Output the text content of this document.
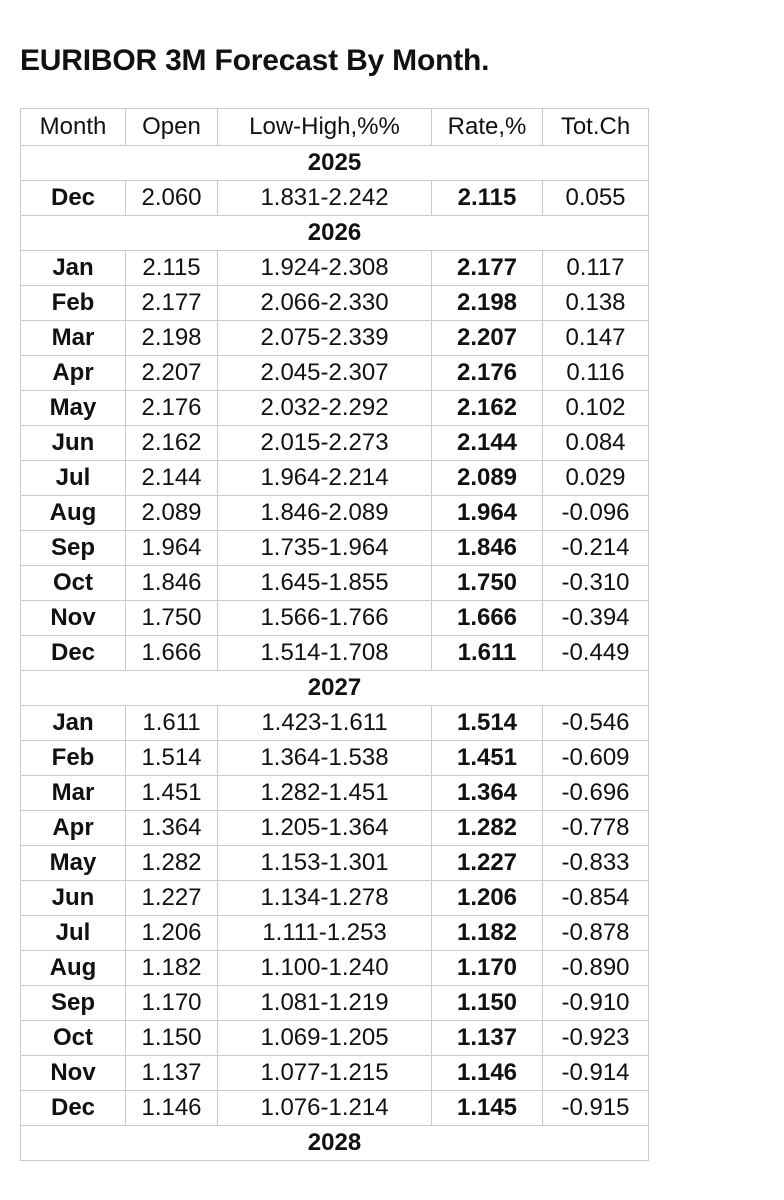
EURIBOR 3M Forecast By Month.
Month	Open	Low-High,%%	Rate,%	Tot.Ch
2025				
Dec	2.060	1.831-2.242	2.115	0.055
2026				
Jan	2.115	1.924-2.308	2.177	0.117
Feb	2.177	2.066-2.330	2.198	0.138
Mar	2.198	2.075-2.339	2.207	0.147
Apr	2.207	2.045-2.307	2.176	0.116
May	2.176	2.032-2.292	2.162	0.102
Jun	2.162	2.015-2.273	2.144	0.084
Jul	2.144	1.964-2.214	2.089	0.029
Aug	2.089	1.846-2.089	1.964	-0.096
Sep	1.964	1.735-1.964	1.846	-0.214
Oct	1.846	1.645-1.855	1.750	-0.310
Nov	1.750	1.566-1.766	1.666	-0.394
Dec	1.666	1.514-1.708	1.611	-0.449
2027				
Jan	1.611	1.423-1.611	1.514	-0.546
Feb	1.514	1.364-1.538	1.451	-0.609
Mar	1.451	1.282-1.451	1.364	-0.696
Apr	1.364	1.205-1.364	1.282	-0.778
May	1.282	1.153-1.301	1.227	-0.833
Jun	1.227	1.134-1.278	1.206	-0.854
Jul	1.206	1.111-1.253	1.182	-0.878
Aug	1.182	1.100-1.240	1.170	-0.890
Sep	1.170	1.081-1.219	1.150	-0.910
Oct	1.150	1.069-1.205	1.137	-0.923
Nov	1.137	1.077-1.215	1.146	-0.914
Dec	1.146	1.076-1.214	1.145	-0.915
2028				
